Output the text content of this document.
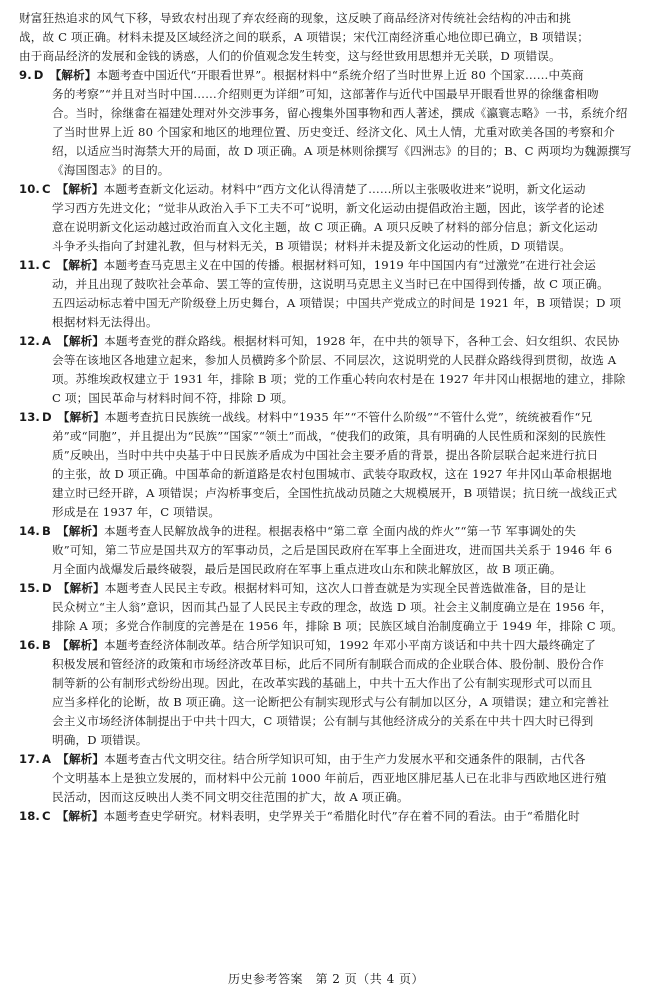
财富狂热追求的风气下移，导致农村出现了弃农经商的现象，这反映了商品经济对传统社会结构的冲击和挑

战，故 C 项正确。材料未提及区域经济之间的联系，A 项错误；宋代江南经济重心地位即已确立，B 项错误；

由于商品经济的发展和金钱的诱惑，人们的价值观念发生转变，这与经世致用思想并无关联，D 项错误。

9. D 【解析】本题考查中国近代“开眼看世界”。根据材料中“系统介绍了当时世界上近 80 个国家……中英商

务的考察”“并且对当时中国……介绍则更为详细”可知，这部著作与近代中国最早开眼看世界的徐继畬相吻

合。当时，徐继畬在福建处理对外交涉事务，留心搜集外国事物和西人著述，撰成《瀛寰志略》一书，系统介绍

了当时世界上近 80 个国家和地区的地理位置、历史变迁、经济文化、风土人情，尤重对欧美各国的考察和介

绍，以适应当时海禁大开的局面，故 D 项正确。A 项是林则徐撰写《四洲志》的目的；B、C 两项均为魏源撰写

《海国图志》的目的。

10. C 【解析】本题考查新文化运动。材料中“西方文化认得清楚了……所以主张吸收进来”说明，新文化运动

学习西方先进文化；“觉非从政治入手下工夫不可”说明，新文化运动由提倡政治主题，因此，该学者的论述

意在说明新文化运动越过政治而直入文化主题，故 C 项正确。A 项只反映了材料的部分信息；新文化运动

斗争矛头指向了封建礼教，但与材料无关，B 项错误；材料并未提及新文化运动的性质，D 项错误。

11. C 【解析】本题考查马克思主义在中国的传播。根据材料可知，1919 年中国国内有“过激党”在进行社会运

动，并且出现了鼓吹社会革命、罢工等的宣传册，这说明马克思主义当时已在中国得到传播，故 C 项正确。

五四运动标志着中国无产阶级登上历史舞台，A 项错误；中国共产党成立的时间是 1921 年，B 项错误；D 项

根据材料无法得出。

12. A 【解析】本题考查党的群众路线。根据材料可知，1928 年，在中共的领导下，各种工会、妇女组织、农民协

会等在该地区各地建立起来，参加人员横跨多个阶层、不同层次，这说明党的人民群众路线得到贯彻，故选 A

项。苏维埃政权建立于 1931 年，排除 B 项；党的工作重心转向农村是在 1927 年井冈山根据地的建立，排除

C 项；国民革命与材料时间不符，排除 D 项。

13. D 【解析】本题考查抗日民族统一战线。材料中“1935 年”“不管什么阶级”“不管什么党”，统统被看作“兄

弟”或“同胞”，并且提出为“民族”“国家”“领土”而战，“使我们的政策，具有明确的人民性质和深刻的民族性

质”反映出，当时中共中央基于中日民族矛盾成为中国社会主要矛盾的背景，提出各阶层联合起来进行抗日

的主张，故 D 项正确。中国革命的新道路是农村包围城市、武装夺取政权，这在 1927 年井冈山革命根据地

建立时已经开辟，A 项错误；卢沟桥事变后，全国性抗战动员随之大规模展开，B 项错误；抗日统一战线正式

形成是在 1937 年，C 项错误。

14. B 【解析】本题考查人民解放战争的进程。根据表格中“第二章 全面内战的炸火”“第一节 军事调处的失

败”可知，第二节应是国共双方的军事动员，之后是国民政府在军事上全面进攻，进而国共关系于 1946 年 6

月全面内战爆发后最终破裂，最后是国民政府在军事上重点进攻山东和陕北解放区，故 B 项正确。

15. D 【解析】本题考查人民民主专政。根据材料可知，这次人口普查就是为实现全民普选做准备，目的是让

民众树立“主人翁”意识，因而其凸显了人民民主专政的理念，故选 D 项。社会主义制度确立是在 1956 年，

排除 A 项；多党合作制度的完善是在 1956 年，排除 B 项；民族区域自治制度确立于 1949 年，排除 C 项。

16. B 【解析】本题考查经济体制改革。结合所学知识可知，1992 年邓小平南方谈话和中共十四大最终确定了

积极发展和管经济的政策和市场经济改革目标，此后不同所有制联合而成的企业联合体、股份制、股份合作

制等新的公有制形式纷纷出现。因此，在改革实践的基础上，中共十五大作出了公有制实现形式可以而且

应当多样化的论断，故 B 项正确。这一论断把公有制实现形式与公有制加以区分，A 项错误；建立和完善社

会主义市场经济体制提出于中共十四大，C 项错误；公有制与其他经济成分的关系在中共十四大时已得到

明确，D 项错误。

17. A 【解析】本题考查古代文明交往。结合所学知识可知，由于生产力发展水平和交通条件的限制，古代各

个文明基本上是独立发展的，而材料中公元前 1000 年前后，西亚地区腓尼基人已在北非与西欧地区进行殖

民活动，因而这反映出人类不同文明交往范围的扩大，故 A 项正确。

18. C 【解析】本题考查史学研究。材料表明，史学界关于“希腊化时代”存在着不同的看法。由于“希腊化时

历史参考答案　第 2 页（共 4 页）
